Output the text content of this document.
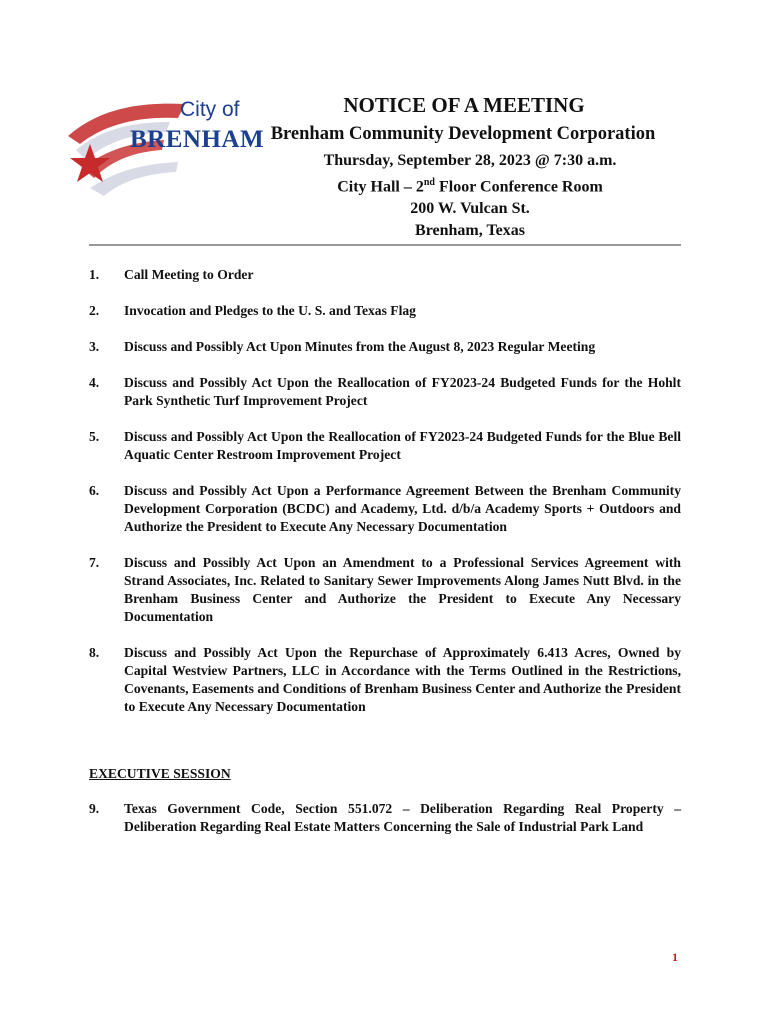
City of
BRENHAM
NOTICE OF A MEETING
Brenham Community Development Corporation
Thursday, September 28, 2023 @ 7:30 a.m.
City Hall – 2nd Floor Conference Room
200 W. Vulcan St.
Brenham, Texas
1.	Call Meeting to Order
2.	Invocation and Pledges to the U. S. and Texas Flag
3.	Discuss and Possibly Act Upon Minutes from the August 8, 2023 Regular Meeting
4.	Discuss and Possibly Act Upon the Reallocation of FY2023-24 Budgeted Funds for the Hohlt Park Synthetic Turf Improvement Project
5.	Discuss and Possibly Act Upon the Reallocation of FY2023-24 Budgeted Funds for the Blue Bell Aquatic Center Restroom Improvement Project
6.	Discuss and Possibly Act Upon a Performance Agreement Between the Brenham Community Development Corporation (BCDC) and Academy, Ltd. d/b/a Academy Sports + Outdoors and Authorize the President to Execute Any Necessary Documentation
7.	Discuss and Possibly Act Upon an Amendment to a Professional Services Agreement with Strand Associates, Inc. Related to Sanitary Sewer Improvements Along James Nutt Blvd. in the Brenham Business Center and Authorize the President to Execute Any Necessary Documentation
8.	Discuss and Possibly Act Upon the Repurchase of Approximately 6.413 Acres, Owned by Capital Westview Partners, LLC in Accordance with the Terms Outlined in the Restrictions, Covenants, Easements and Conditions of Brenham Business Center and Authorize the President to Execute Any Necessary Documentation
EXECUTIVE SESSION
9.	Texas Government Code, Section 551.072 – Deliberation Regarding Real Property – Deliberation Regarding Real Estate Matters Concerning the Sale of Industrial Park Land
1
